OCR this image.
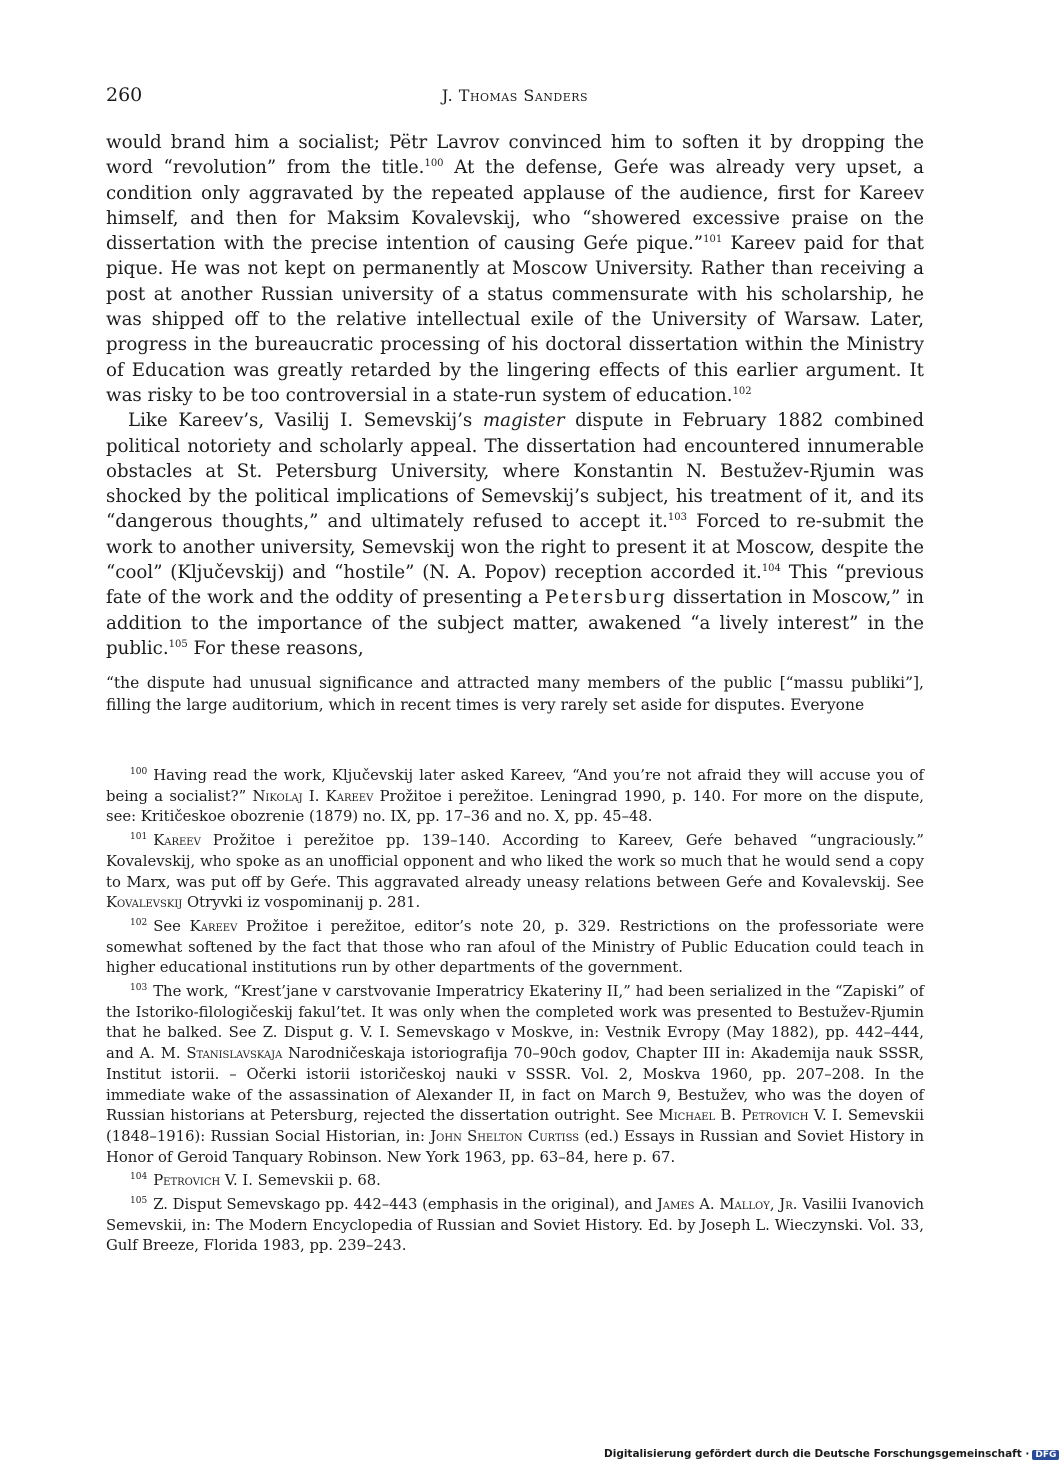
260	J. Thomas Sanders

would brand him a socialist; Pëtr Lavrov convinced him to soften it by dropping the word “revolution” from the title.$^{100}$ At the defense, Geŕe was already very upset, a condition only aggravated by the repeated applause of the audience, first for Kareev himself, and then for Maksim Kovalevskij, who “showered excessive praise on the dissertation with the precise intention of causing Geŕe pique.”$^{101}$ Kareev paid for that pique. He was not kept on permanently at Moscow University. Rather than receiving a post at another Russian university of a status commensurate with his scholarship, he was shipped off to the relative intellectual exile of the University of Warsaw. Later, progress in the bureaucratic processing of his doctoral dissertation within the Ministry of Education was greatly retarded by the lingering effects of this earlier argument. It was risky to be too controversial in a state-run system of education.$^{102}$

Like Kareev’s, Vasilij I. Semevskij’s magister dispute in February 1882 combined political notoriety and scholarly appeal. The dissertation had encountered innumerable obstacles at St. Petersburg University, where Konstantin N. Bestužev-Rjumin was shocked by the political implications of Semevskij’s subject, his treatment of it, and its “dangerous thoughts,” and ultimately refused to accept it.$^{103}$ Forced to re-submit the work to another university, Semevskij won the right to present it at Moscow, despite the “cool” (Ključevskij) and “hostile” (N. A. Popov) reception accorded it.$^{104}$ This “previous fate of the work and the oddity of presenting a Petersburg dissertation in Moscow,” in addition to the importance of the subject matter, awakened “a lively interest” in the public.$^{105}$ For these reasons,

“the dispute had unusual significance and attracted many members of the public [“massu publiki”], filling the large auditorium, which in recent times is very rarely set aside for disputes. Everyone

$^{100}$ Having read the work, Ključevskij later asked Kareev, “And you’re not afraid they will accuse you of being a socialist?” Nikolaj I. Kareev Prožitoe i perežitoe. Leningrad 1990, p. 140. For more on the dispute, see: Kritičeskoe obozrenie (1879) no. IX, pp. 17–36 and no. X, pp. 45–48.

$^{101}$ Kareev Prožitoe i perežitoe pp. 139–140. According to Kareev, Geŕe behaved “ungraciously.” Kovalevskij, who spoke as an unofficial opponent and who liked the work so much that he would send a copy to Marx, was put off by Geŕe. This aggravated already uneasy relations between Geŕe and Kovalevskij. See Kovalevskij Otryvki iz vospominanij p. 281.

$^{102}$ See Kareev Prožitoe i perežitoe, editor’s note 20, p. 329. Restrictions on the professoriate were somewhat softened by the fact that those who ran afoul of the Ministry of Public Education could teach in higher educational institutions run by other departments of the government.

$^{103}$ The work, “Krest’jane v carstvovanie Imperatricy Ekateriny II,” had been serialized in the “Zapiski” of the Istoriko-filologičeskij fakul’tet. It was only when the completed work was presented to Bestužev-Rjumin that he balked. See Z. Disput g. V. I. Semevskago v Moskve, in: Vestnik Evropy (May 1882), pp. 442–444, and A. M. Stanislavskaja Narodničeskaja istoriografija 70–90ch godov, Chapter III in: Akademija nauk SSSR, Institut istorii. – Očerki istorii istoričeskoj nauki v SSSR. Vol. 2, Moskva 1960, pp. 207–208. In the immediate wake of the assassination of Alexander II, in fact on March 9, Bestužev, who was the doyen of Russian historians at Petersburg, rejected the dissertation outright. See Michael B. Petrovich V. I. Semevskii (1848–1916): Russian Social Historian, in: John Shelton Curtiss (ed.) Essays in Russian and Soviet History in Honor of Geroid Tanquary Robinson. New York 1963, pp. 63–84, here p. 67.

$^{104}$ Petrovich V. I. Semevskii p. 68.

$^{105}$ Z. Disput Semevskago pp. 442–443 (emphasis in the original), and James A. Malloy, Jr. Vasilii Ivanovich Semevskii, in: The Modern Encyclopedia of Russian and Soviet History. Ed. by Joseph L. Wieczynski. Vol. 33, Gulf Breeze, Florida 1983, pp. 239–243.

Digitalisierung gefördert durch die Deutsche Forschungsgemeinschaft · DFG
